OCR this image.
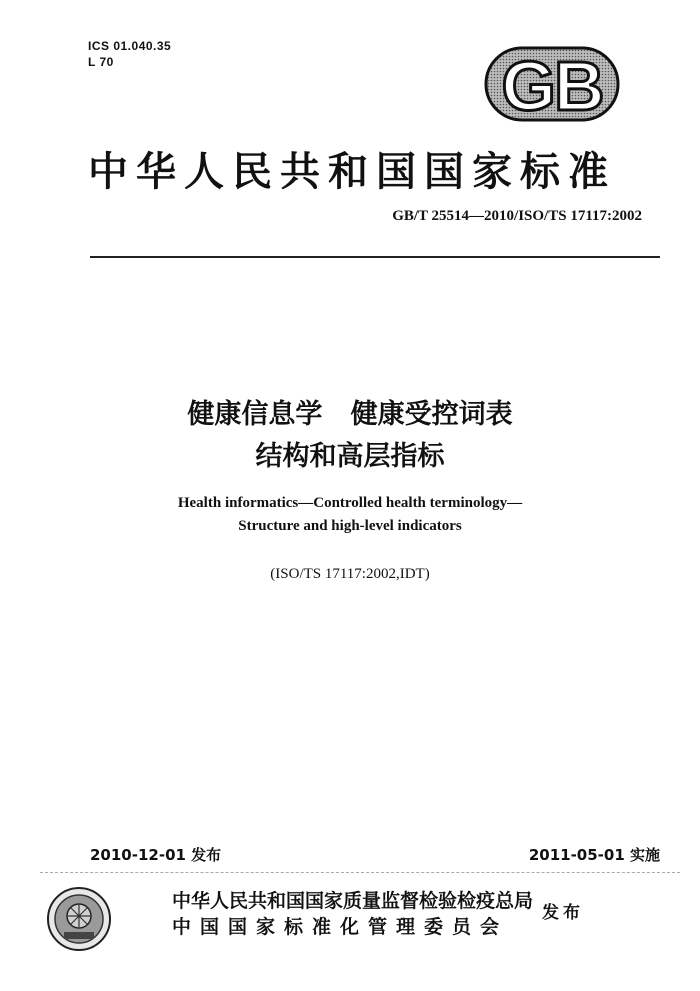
ICS 01.040.35
L 70	GB
中华人民共和国国家标准
GB/T 25514—2010/ISO/TS 17117:2002
健康信息学   健康受控词表
结构和高层指标
Health informatics—Controlled health terminology—
Structure and high-level indicators
(ISO/TS 17117:2002,IDT)
2010-12-01 发布	2011-05-01 实施
中华人民共和国国家质量监督检验检疫总局
中国国家标准化管理委员会
发布
